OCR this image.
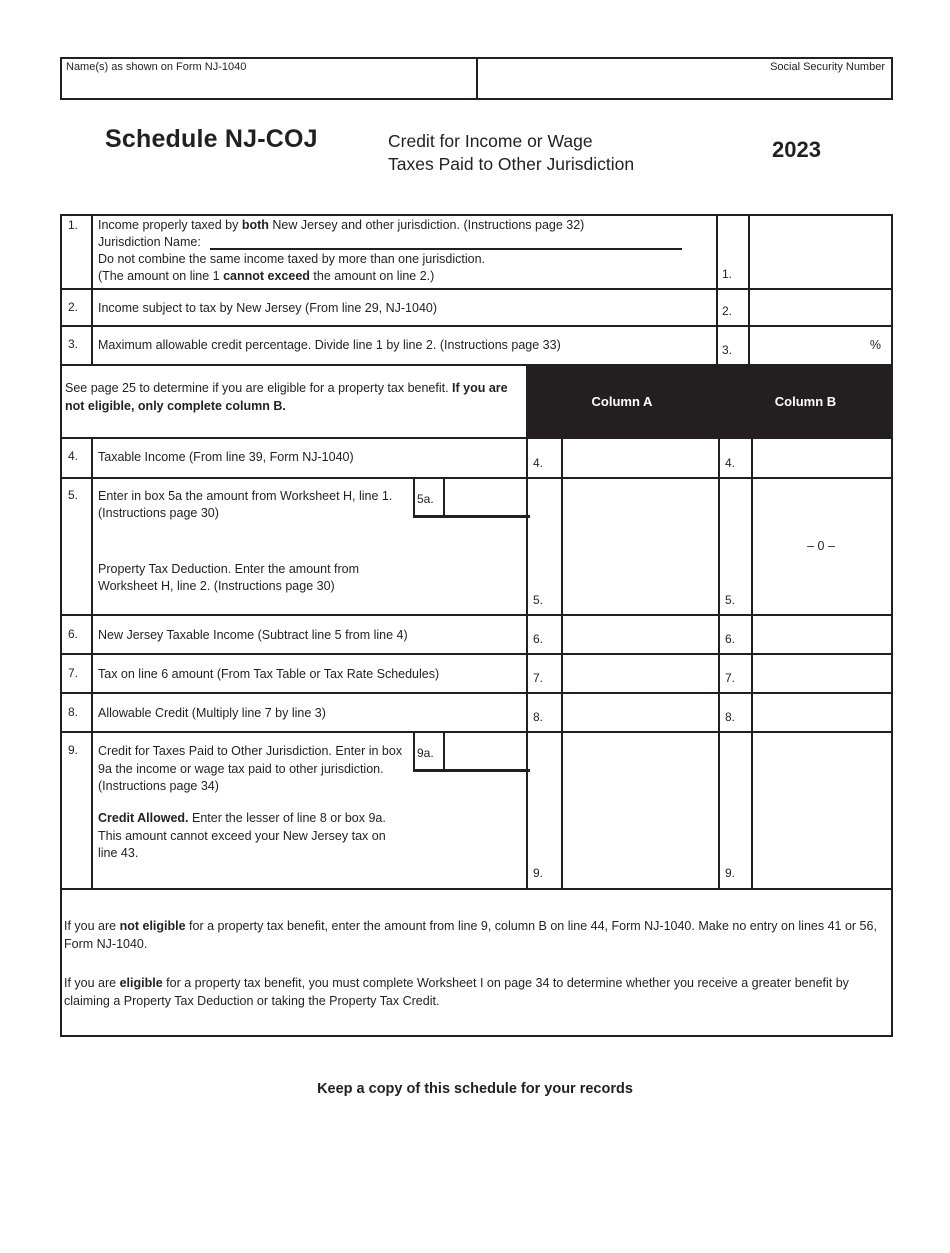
Name(s) as shown on Form NJ-1040	Social Security Number
Schedule NJ-COJ	Credit for Income or Wage
Taxes Paid to Other Jurisdiction
2023
Column A	Column B
See page 25 to determine if you are eligible for a property tax benefit. If you are not eligible, only complete column B.
1. Income properly taxed by both New Jersey and other jurisdiction. (Instructions page 32)
Jurisdiction Name:
Do not combine the same income taxed by more than one jurisdiction.
(The amount on line 1 cannot exceed the amount on line 2.)	1.
2. Income subject to tax by New Jersey (From line 29, NJ-1040)	2.
3. Maximum allowable credit percentage. Divide line 1 by line 2. (Instructions page 33)	3.	%
4. Taxable Income (From line 39, Form NJ-1040)	4.	4.
5. Enter in box 5a the amount from Worksheet H, line 1. (Instructions page 30)
5a.
Property Tax Deduction. Enter the amount from Worksheet H, line 2. (Instructions page 30)
5.	5.
– 0 –
6. New Jersey Taxable Income (Subtract line 5 from line 4)	6.	6.
7. Tax on line 6 amount (From Tax Table or Tax Rate Schedules)	7.	7.
8. Allowable Credit (Multiply line 7 by line 3)	8.	8.
9. Credit for Taxes Paid to Other Jurisdiction. Enter in box 9a the income or wage tax paid to other jurisdiction. (Instructions page 34)
9a.
Credit Allowed. Enter the lesser of line 8 or box 9a. This amount cannot exceed your New Jersey tax on line 43.
9.	9.
If you are not eligible for a property tax benefit, enter the amount from line 9, column B on line 44, Form NJ-1040. Make no entry on lines 41 or 56, Form NJ-1040.
If you are eligible for a property tax benefit, you must complete Worksheet I on page 34 to determine whether you receive a greater benefit by claiming a Property Tax Deduction or taking the Property Tax Credit.
Keep a copy of this schedule for your records
